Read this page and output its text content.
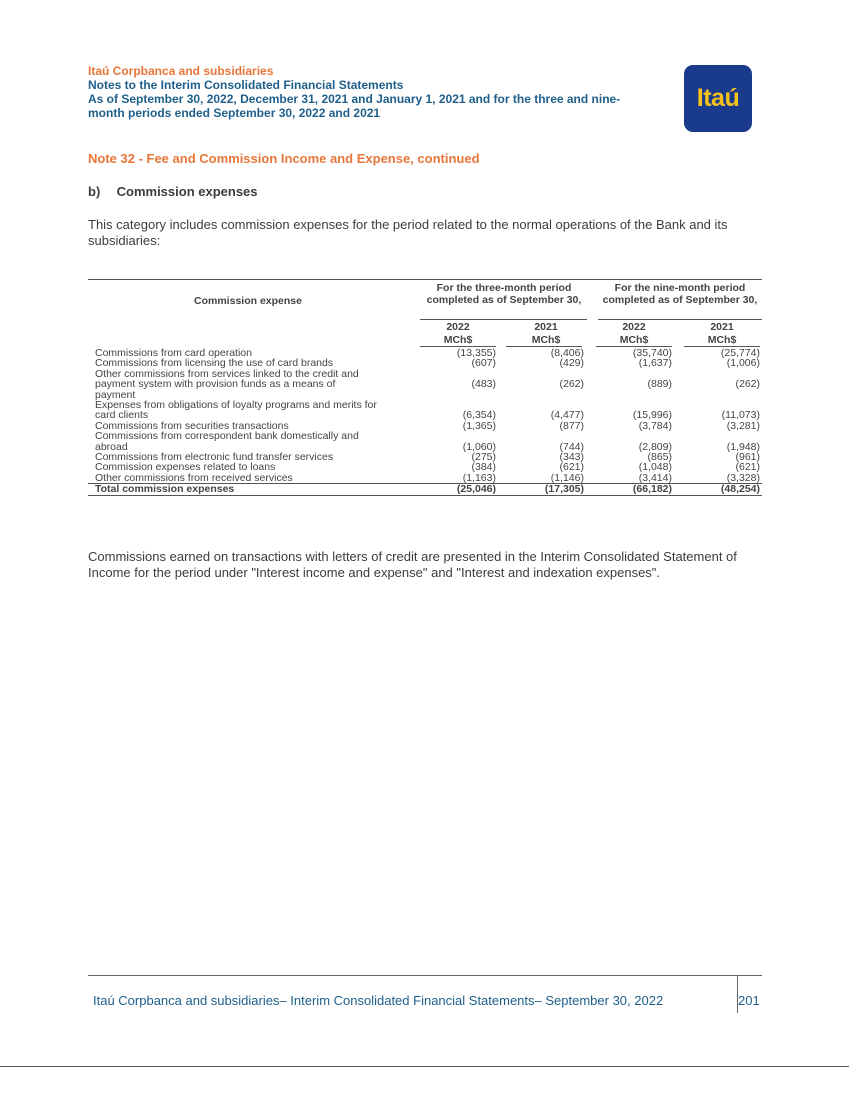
Itaú Corpbanca and subsidiaries
Notes to the Interim Consolidated Financial Statements
As of September 30, 2022, December 31, 2021 and January 1, 2021 and for the three and nine-
month periods ended September 30, 2022 and 2021
Itaú
Note 32 - Fee and Commission Income and Expense, continued
b) Commission expenses
This category includes commission expenses for the period related to the normal operations of the Bank and its subsidiaries:
Commission expense
For the three-month period completed as of September 30,
For the nine-month period completed as of September 30,
2022	2021	2022	2021
MCh$	MCh$	MCh$	MCh$
Commissions from card operation	(13,355)	(8,406)	(35,740)	(25,774)
Commissions from licensing the use of card brands	(607)	(429)	(1,637)	(1,006)
Other commissions from services linked to the credit and payment system with provision funds as a means of payment
(483)	(262)	(889)	(262)
Expenses from obligations of loyalty programs and merits for card clients	(6,354)	(4,477)	(15,996)	(11,073)
Commissions from securities transactions	(1,365)	(877)	(3,784)	(3,281)
Commissions from correspondent bank domestically and abroad	(1,060)	(744)	(2,809)	(1,948)
Commissions from electronic fund transfer services	(275)	(343)	(865)	(961)
Commission expenses related to loans	(384)	(621)	(1,048)	(621)
Other commissions from received services	(1,163)	(1,146)	(3,414)	(3,328)
Total commission expenses	(25,046)	(17,305)	(66,182)	(48,254)
Commissions earned on transactions with letters of credit are presented in the Interim Consolidated Statement of Income for the period under "Interest income and expense" and "Interest and indexation expenses".
Itaú Corpbanca and subsidiaries– Interim Consolidated Financial Statements– September 30, 2022	201
